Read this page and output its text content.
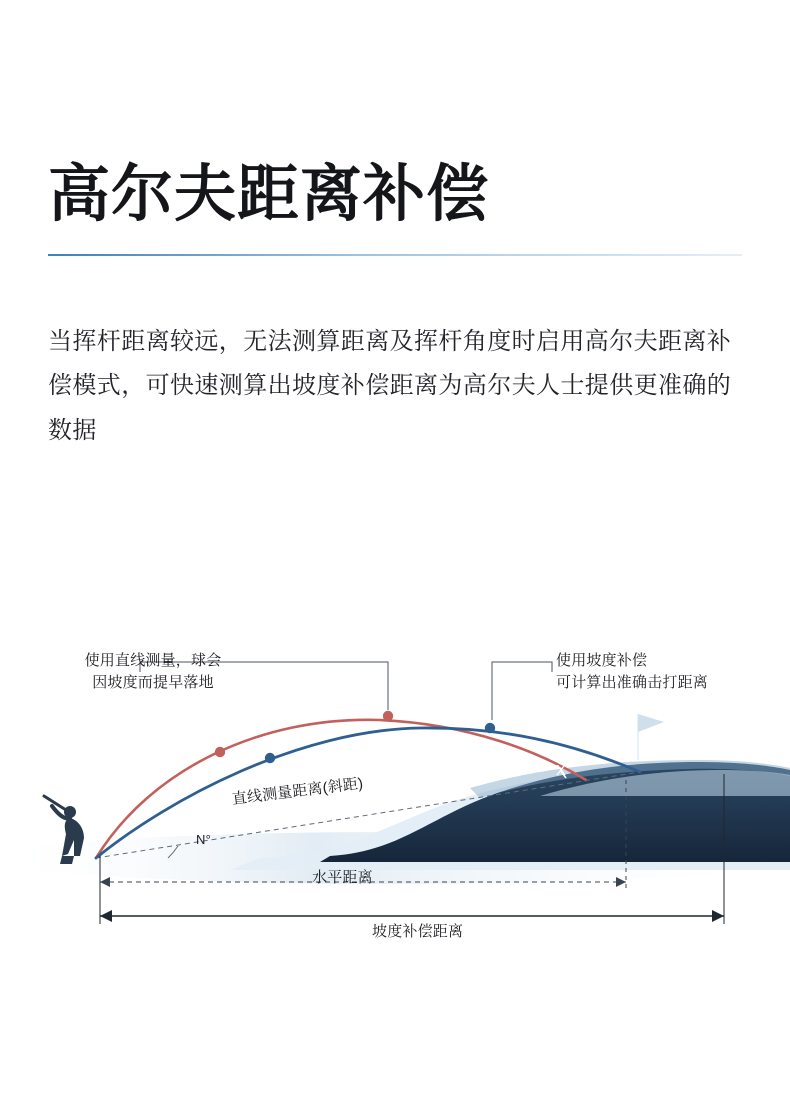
高尔夫距离补偿

当挥杆距离较远，无法测算距离及挥杆角度时启用高尔夫距离补偿模式，可快速测算出坡度补偿距离为高尔夫人士提供更准确的数据

使用直线测量，球会
因坡度而提早落地
使用坡度补偿
可计算出准确击打距离
直线测量距离(斜距)
N°
水平距离
坡度补偿距离
X
